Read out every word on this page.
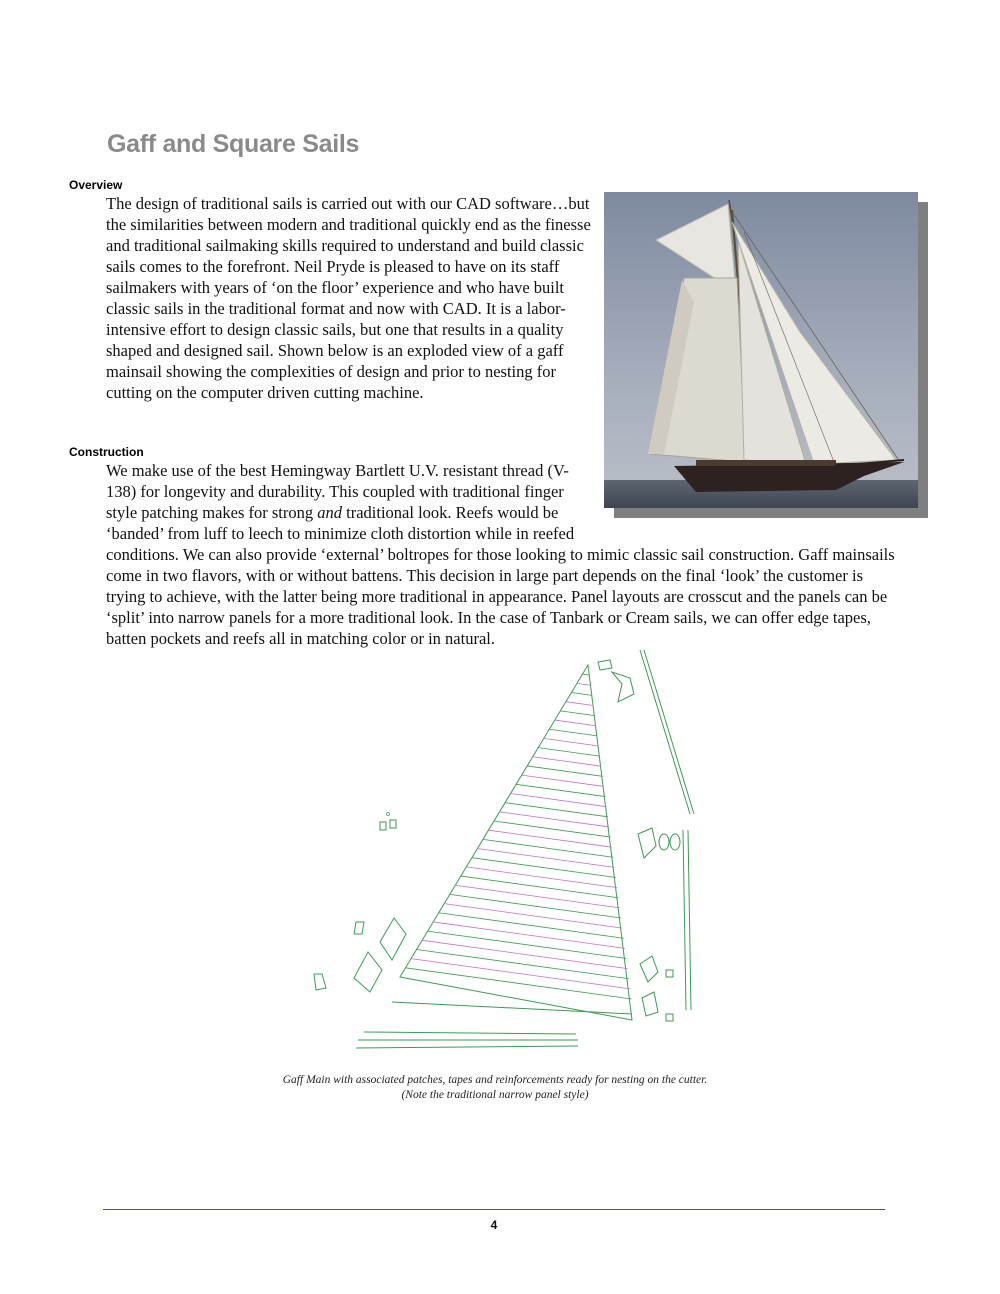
Gaff and Square Sails
Overview

The design of traditional sails is carried out with our CAD software…but the similarities between modern and traditional quickly end as the finesse and traditional sailmaking skills required to understand and build classic sails comes to the forefront. Neil Pryde is pleased to have on its staff sailmakers with years of ‘on the floor’ experience and who have built classic sails in the traditional format and now with CAD. It is a labor-intensive effort to design classic sails, but one that results in a quality shaped and designed sail. Shown below is an exploded view of a gaff mainsail showing the complexities of design and prior to nesting for cutting on the computer driven cutting machine.

Construction
We make use of the best Hemingway Bartlett U.V. resistant thread (V-138) for longevity and durability. This coupled with traditional finger style patching makes for strong and traditional look. Reefs would be ‘banded’ from luff to leech to minimize cloth distortion while in reefed conditions. We can also provide ‘external’ boltropes for those looking to mimic classic sail construction. Gaff mainsails come in two flavors, with or without battens. This decision in large part depends on the final ‘look’ the customer is trying to achieve, with the latter being more traditional in appearance. Panel layouts are crosscut and the panels can be ‘split’ into narrow panels for a more traditional look. In the case of Tanbark or Cream sails, we can offer edge tapes, batten pockets and reefs all in matching color or in natural.
Gaff Main with associated patches, tapes and reinforcements ready for nesting on the cutter.
(Note the traditional narrow panel style)
4
